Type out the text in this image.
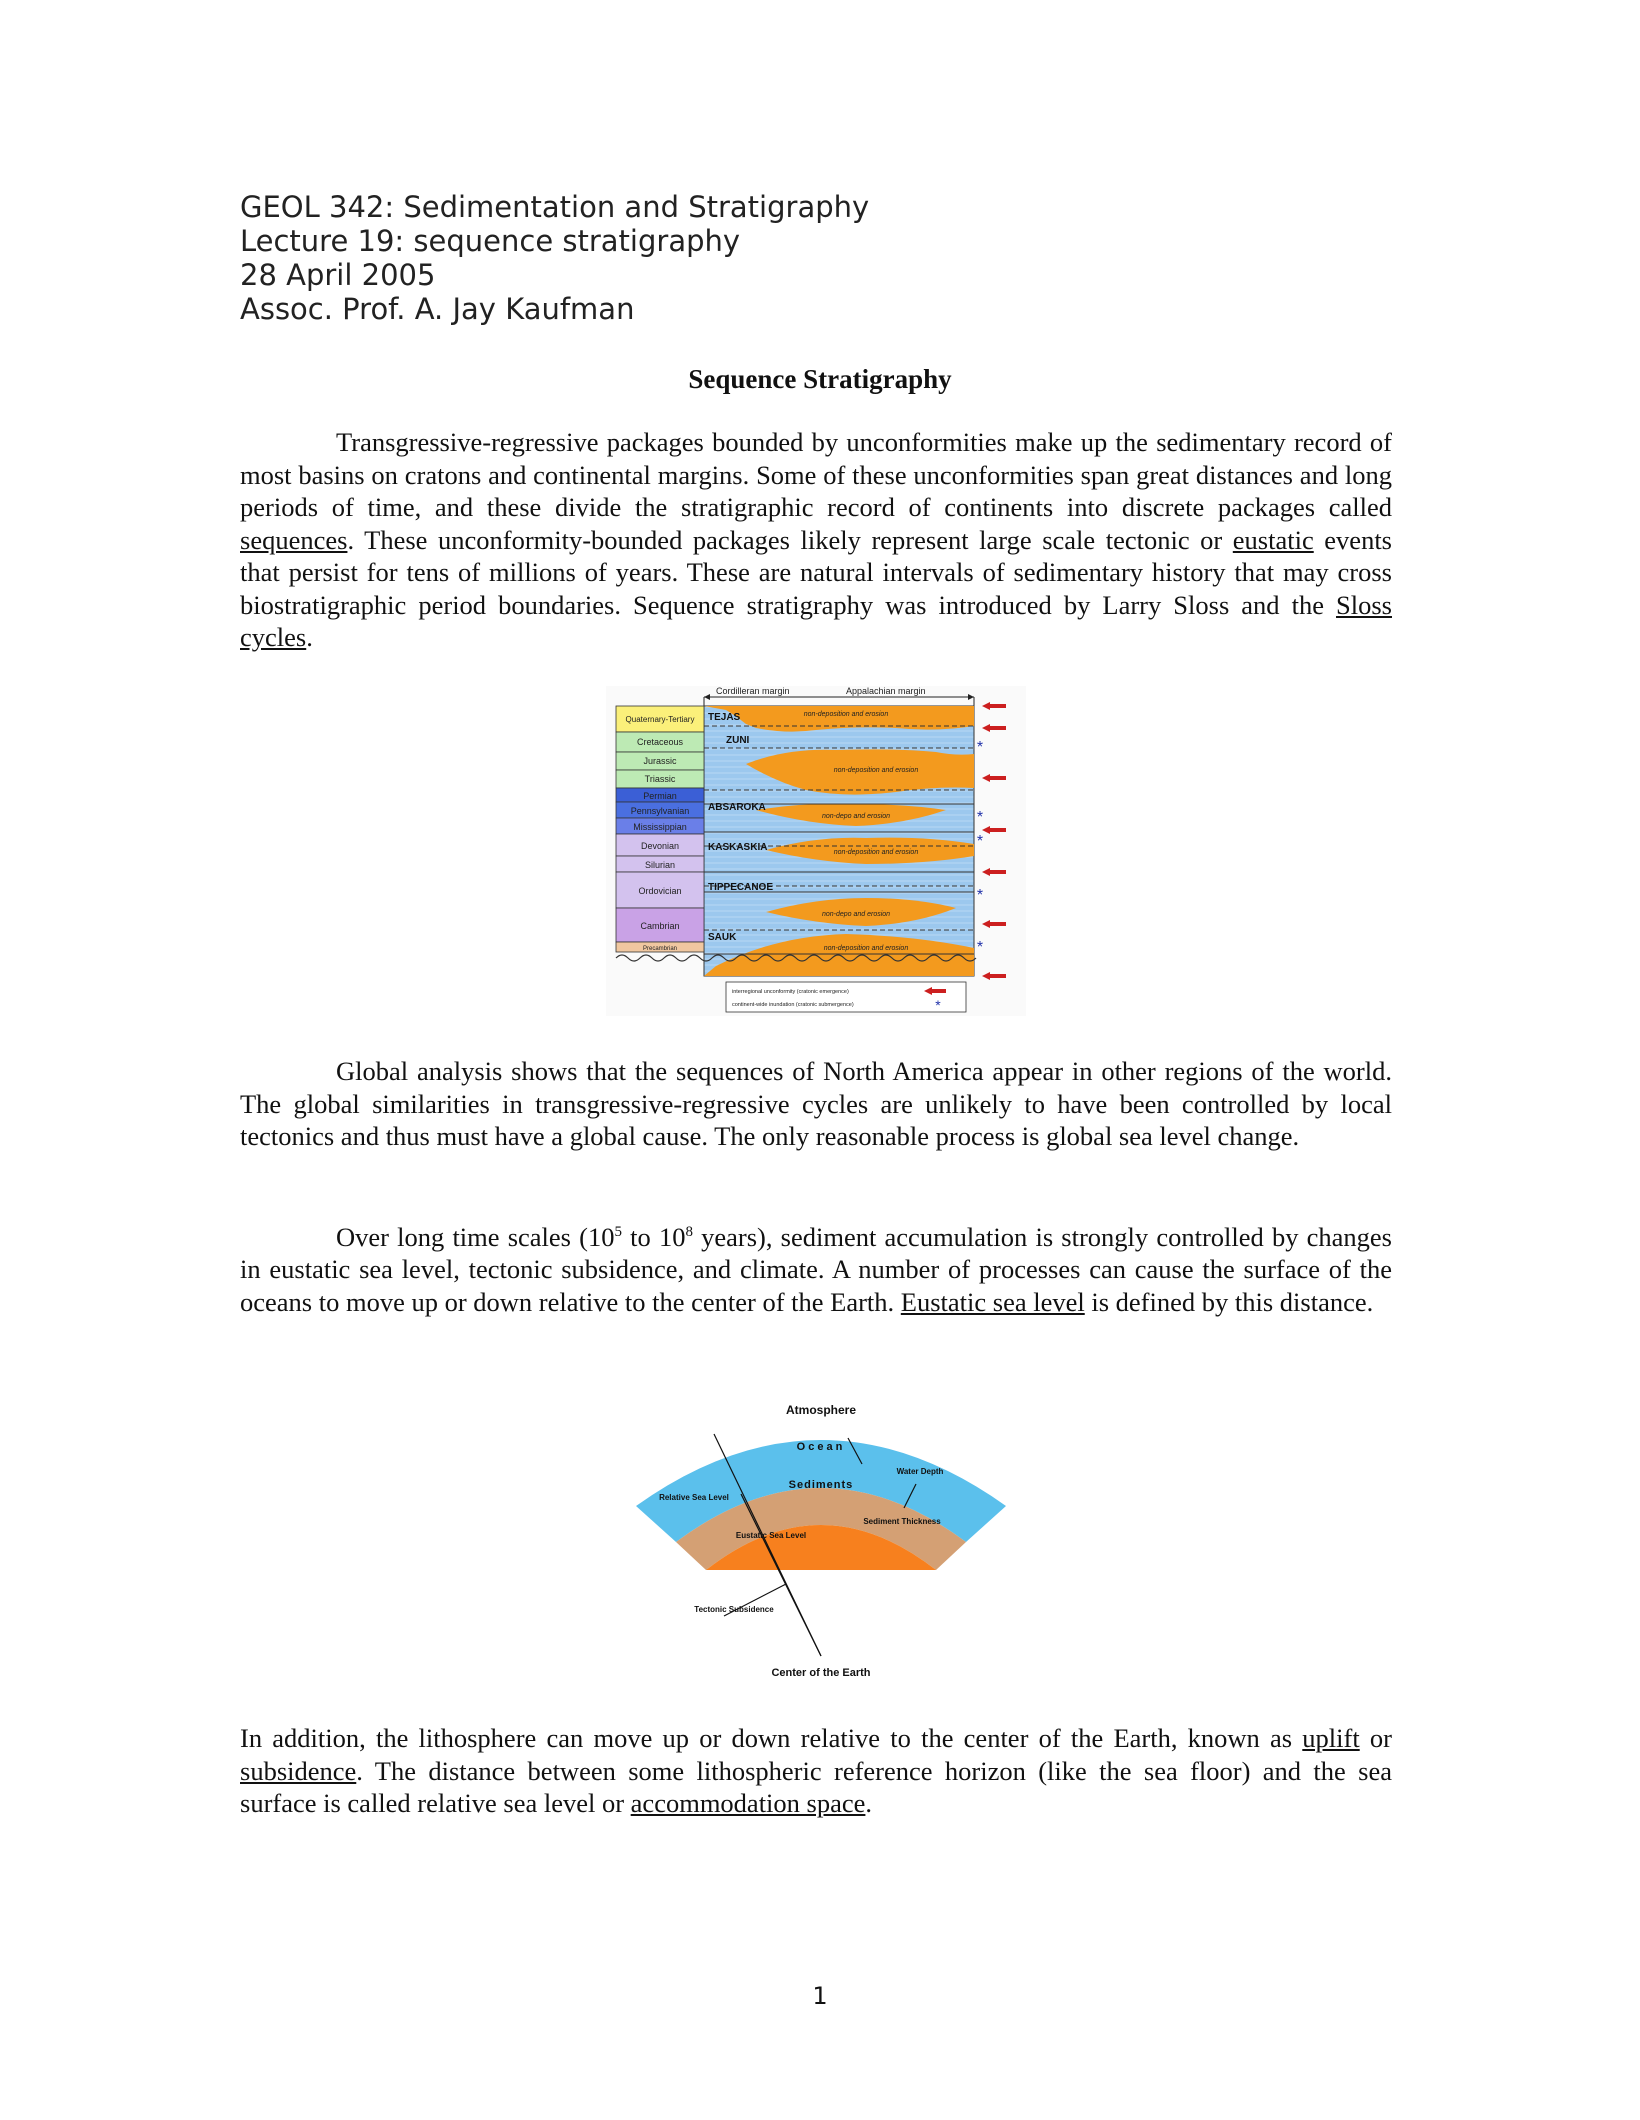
GEOL 342: Sedimentation and Stratigraphy
Lecture 19: sequence stratigraphy
28 April 2005
Assoc. Prof. A. Jay Kaufman
Sequence Stratigraphy
Transgressive-regressive packages bounded by unconformities make up the sedimentary record of most basins on cratons and continental margins. Some of these unconformities span great distances and long periods of time, and these divide the stratigraphic record of continents into discrete packages called sequences. These unconformity-bounded packages likely represent large scale tectonic or eustatic events that persist for tens of millions of years. These are natural intervals of sedimentary history that may cross biostratigraphic period boundaries. Sequence stratigraphy was introduced by Larry Sloss and the Sloss cycles.
Cordilleran margin	Appalachian margin
Quaternary-Tertiary
Cretaceous
Jurassic
Triassic
Permian
Pennsylvanian
Mississippian
Devonian
Silurian
Ordovician
Cambrian
Precambrian
TEJAS
ZUNI
ABSAROKA
KASKASKIA
TIPPECANOE
SAUK
non-deposition and erosion
non-deposition and erosion
non-depo and erosion
non-deposition and erosion
non-depo and erosion
non-deposition and erosion
*
*
*
*
*
interregional unconformity (cratonic emergence)
continent-wide inundation (cratonic submergence)	*
Global analysis shows that the sequences of North America appear in other regions of the world. The global similarities in transgressive-regressive cycles are unlikely to have been controlled by local tectonics and thus must have a global cause. The only reasonable process is global sea level change.
Over long time scales ($10^5$ to $10^8$ years), sediment accumulation is strongly controlled by changes in eustatic sea level, tectonic subsidence, and climate. A number of processes can cause the surface of the oceans to move up or down relative to the center of the Earth. Eustatic sea level is defined by this distance.
Atmosphere
Ocean
Sediments
Water Depth
Relative Sea Level
Sediment Thickness
Eustatic Sea Level
Tectonic Subsidence
Center of the Earth
In addition, the lithosphere can move up or down relative to the center of the Earth, known as uplift or subsidence. The distance between some lithospheric reference horizon (like the sea floor) and the sea surface is called relative sea level or accommodation space.
1
